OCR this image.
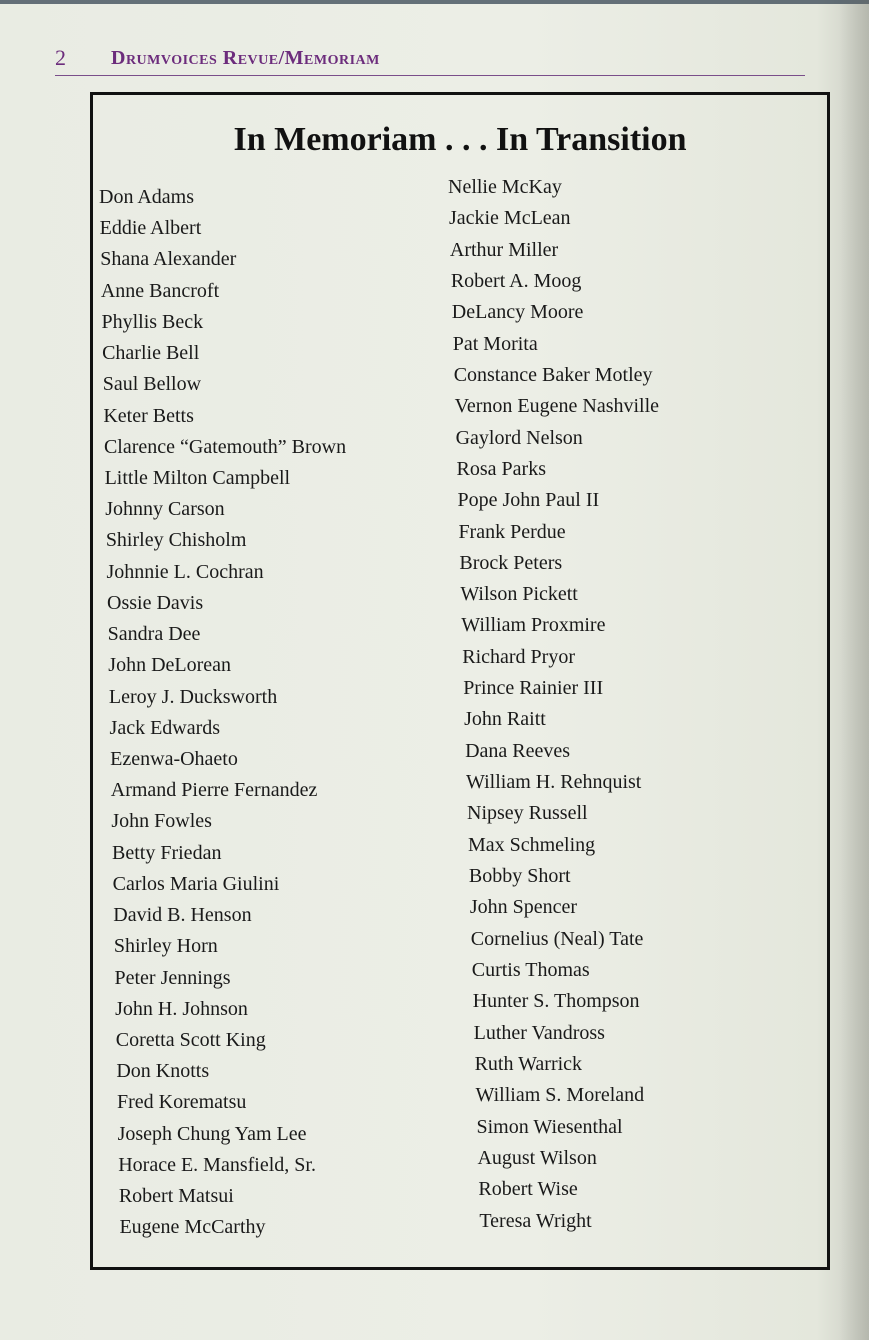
2 Drumvoices Revue/Memoriam
In Memoriam . . . In Transition
Don Adams
Eddie Albert
Shana Alexander
Anne Bancroft
Phyllis Beck
Charlie Bell
Saul Bellow
Keter Betts
Clarence “Gatemouth” Brown
Little Milton Campbell
Johnny Carson
Shirley Chisholm
Johnnie L. Cochran
Ossie Davis
Sandra Dee
John DeLorean
Leroy J. Ducksworth
Jack Edwards
Ezenwa-Ohaeto
Armand Pierre Fernandez
John Fowles
Betty Friedan
Carlos Maria Giulini
David B. Henson
Shirley Horn
Peter Jennings
John H. Johnson
Coretta Scott King
Don Knotts
Fred Korematsu
Joseph Chung Yam Lee
Horace E. Mansfield, Sr.
Robert Matsui
Eugene McCarthy
Nellie McKay
Jackie McLean
Arthur Miller
Robert A. Moog
DeLancy Moore
Pat Morita
Constance Baker Motley
Vernon Eugene Nashville
Gaylord Nelson
Rosa Parks
Pope John Paul II
Frank Perdue
Brock Peters
Wilson Pickett
William Proxmire
Richard Pryor
Prince Rainier III
John Raitt
Dana Reeves
William H. Rehnquist
Nipsey Russell
Max Schmeling
Bobby Short
John Spencer
Cornelius (Neal) Tate
Curtis Thomas
Hunter S. Thompson
Luther Vandross
Ruth Warrick
William S. Moreland
Simon Wiesenthal
August Wilson
Robert Wise
Teresa Wright
